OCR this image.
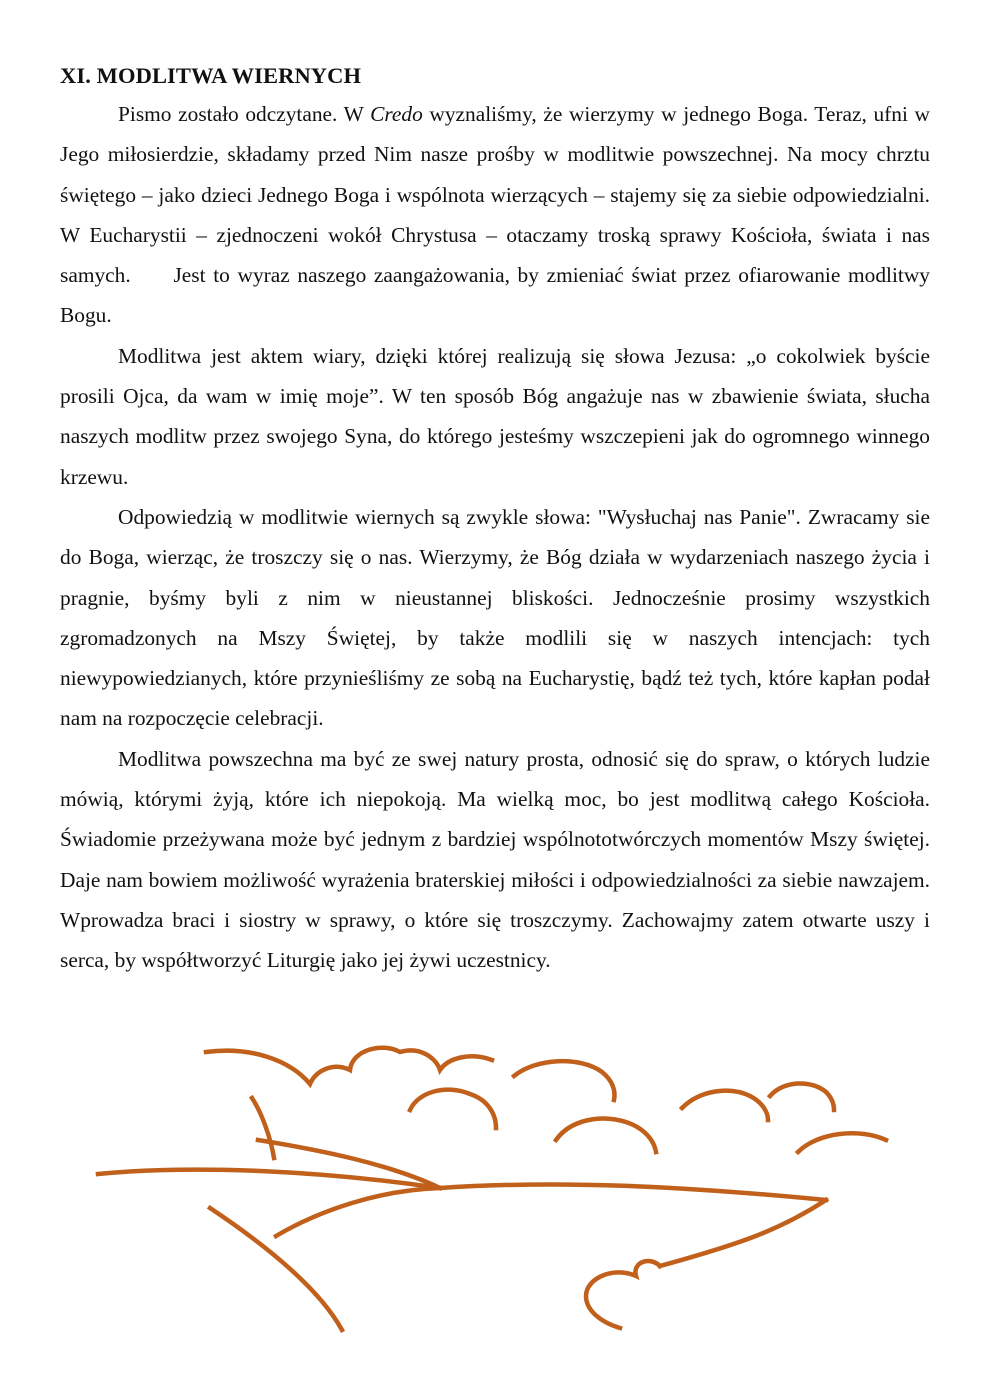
XI. MODLITWA WIERNYCH

Pismo zostało odczytane. W Credo wyznaliśmy, że wierzymy w jednego Boga. Teraz, ufni w Jego miłosierdzie, składamy przed Nim nasze prośby w modlitwie powszechnej. Na mocy chrztu świętego – jako dzieci Jednego Boga i wspólnota wierzących – stajemy się za siebie odpowiedzialni. W Eucharystii – zjednoczeni wokół Chrystusa – otaczamy troską sprawy Kościoła, świata i nas samych.  Jest to wyraz naszego zaangażowania, by zmieniać świat przez ofiarowanie modlitwy Bogu.

Modlitwa jest aktem wiary, dzięki której realizują się słowa Jezusa: „o cokolwiek byście prosili Ojca, da wam w imię moje”. W ten sposób Bóg angażuje nas w zbawienie świata, słucha naszych modlitw przez swojego Syna, do którego jesteśmy wszczepieni jak do ogromnego winnego krzewu.

Odpowiedzią w modlitwie wiernych są zwykle słowa: "Wysłuchaj nas Panie". Zwracamy sie do Boga, wierząc, że troszczy się o nas. Wierzymy, że Bóg działa w wydarzeniach naszego życia i pragnie, byśmy byli z nim w nieustannej bliskości. Jednocześnie prosimy wszystkich zgromadzonych na Mszy Świętej, by także modlili się w naszych intencjach: tych niewypowiedzianych, które przynieśliśmy ze sobą na Eucharystię, bądź też tych, które kapłan podał nam na rozpoczęcie celebracji.

Modlitwa powszechna ma być ze swej natury prosta, odnosić się do spraw, o których ludzie mówią, którymi żyją, które ich niepokoją. Ma wielką moc, bo jest modlitwą całego Kościoła. Świadomie przeżywana może być jednym z bardziej wspólnototwórczych momentów Mszy świętej. Daje nam bowiem możliwość wyrażenia braterskiej miłości i odpowiedzialności za siebie nawzajem. Wprowadza braci i siostry w sprawy, o które się troszczymy. Zachowajmy zatem otwarte uszy i serca, by współtworzyć Liturgię jako jej żywi uczestnicy.
